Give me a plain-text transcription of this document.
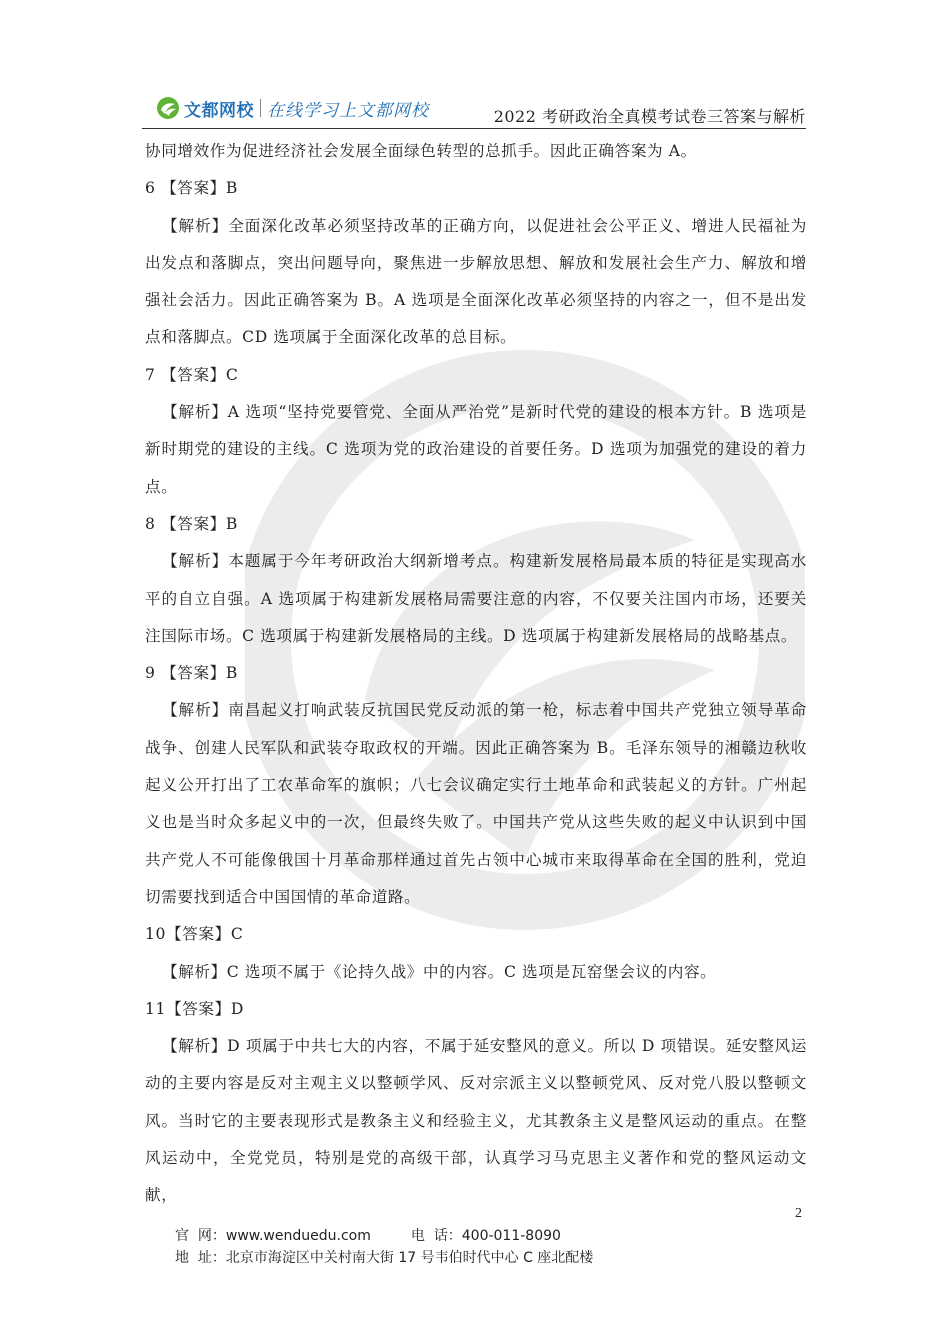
文都网校 在线学习上文都网校	2022 考研政治全真模考试卷三答案与解析

协同增效作为促进经济社会发展全面绿色转型的总抓手。因此正确答案为 A。

6 【答案】B

【解析】全面深化改革必须坚持改革的正确方向，以促进社会公平正义、增进人民福祉为出发点和落脚点，突出问题导向，聚焦进一步解放思想、解放和发展社会生产力、解放和增强社会活力。因此正确答案为 B。A 选项是全面深化改革必须坚持的内容之一，但不是出发点和落脚点。CD 选项属于全面深化改革的总目标。

7 【答案】C

【解析】A 选项“坚持党要管党、全面从严治党”是新时代党的建设的根本方针。B 选项是新时期党的建设的主线。C 选项为党的政治建设的首要任务。D 选项为加强党的建设的着力点。

8 【答案】B

【解析】本题属于今年考研政治大纲新增考点。构建新发展格局最本质的特征是实现高水平的自立自强。A 选项属于构建新发展格局需要注意的内容，不仅要关注国内市场，还要关注国际市场。C 选项属于构建新发展格局的主线。D 选项属于构建新发展格局的战略基点。

9 【答案】B

【解析】南昌起义打响武装反抗国民党反动派的第一枪，标志着中国共产党独立领导革命战争、创建人民军队和武装夺取政权的开端。因此正确答案为 B。毛泽东领导的湘赣边秋收起义公开打出了工农革命军的旗帜；八七会议确定实行土地革命和武装起义的方针。广州起义也是当时众多起义中的一次，但最终失败了。中国共产党从这些失败的起义中认识到中国共产党人不可能像俄国十月革命那样通过首先占领中心城市来取得革命在全国的胜利，党迫切需要找到适合中国国情的革命道路。

10【答案】C

【解析】C 选项不属于《论持久战》中的内容。C 选项是瓦窑堡会议的内容。

11【答案】D

【解析】D 项属于中共七大的内容，不属于延安整风的意义。所以 D 项错误。延安整风运动的主要内容是反对主观主义以整顿学风、反对宗派主义以整顿党风、反对党八股以整顿文风。当时它的主要表现形式是教条主义和经验主义，尤其教条主义是整风运动的重点。在整风运动中，全党党员，特别是党的高级干部，认真学习马克思主义著作和党的整风运动文献，

2
官  网：www.wenduedu.com	电  话：400-011-8090
地  址：北京市海淀区中关村南大街 17 号韦伯时代中心 C 座北配楼
